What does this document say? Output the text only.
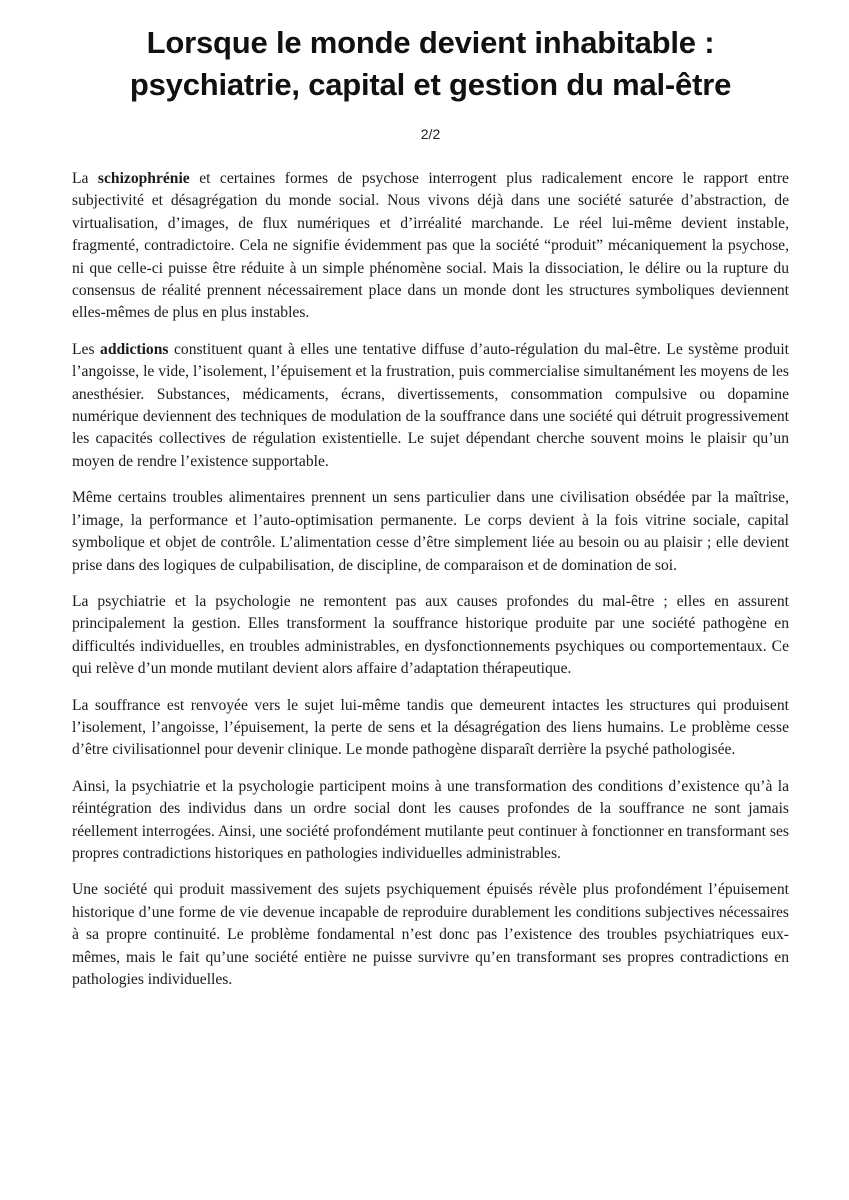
Lorsque le monde devient inhabitable :
psychiatrie, capital et gestion du mal-être
2/2

La schizophrénie et certaines formes de psychose interrogent plus radicalement encore le rapport entre subjectivité et désagrégation du monde social. Nous vivons déjà dans une société saturée d’abstraction, de virtualisation, d’images, de flux numériques et d’irréalité marchande. Le réel lui-même devient instable, fragmenté, contradictoire. Cela ne signifie évidemment pas que la société “produit” mécaniquement la psychose, ni que celle-ci puisse être réduite à un simple phénomène social. Mais la dissociation, le délire ou la rupture du consensus de réalité prennent nécessairement place dans un monde dont les structures symboliques deviennent elles-mêmes de plus en plus instables.

Les addictions constituent quant à elles une tentative diffuse d’auto-régulation du mal-être. Le système produit l’angoisse, le vide, l’isolement, l’épuisement et la frustration, puis commercialise simultanément les moyens de les anesthésier. Substances, médicaments, écrans, divertissements, consommation compulsive ou dopamine numérique deviennent des techniques de modulation de la souffrance dans une société qui détruit progressivement les capacités collectives de régulation existentielle. Le sujet dépendant cherche souvent moins le plaisir qu’un moyen de rendre l’existence supportable.

Même certains troubles alimentaires prennent un sens particulier dans une civilisation obsédée par la maîtrise, l’image, la performance et l’auto-optimisation permanente. Le corps devient à la fois vitrine sociale, capital symbolique et objet de contrôle. L’alimentation cesse d’être simplement liée au besoin ou au plaisir ; elle devient prise dans des logiques de culpabilisation, de discipline, de comparaison et de domination de soi.

La psychiatrie et la psychologie ne remontent pas aux causes profondes du mal-être ; elles en assurent principalement la gestion. Elles transforment la souffrance historique produite par une société pathogène en difficultés individuelles, en troubles administrables, en dysfonctionnements psychiques ou comportementaux. Ce qui relève d’un monde mutilant devient alors affaire d’adaptation thérapeutique.

La souffrance est renvoyée vers le sujet lui-même tandis que demeurent intactes les structures qui produisent l’isolement, l’angoisse, l’épuisement, la perte de sens et la désagrégation des liens humains. Le problème cesse d’être civilisationnel pour devenir clinique. Le monde pathogène disparaît derrière la psyché pathologisée.

Ainsi, la psychiatrie et la psychologie participent moins à une transformation des conditions d’existence qu’à la réintégration des individus dans un ordre social dont les causes profondes de la souffrance ne sont jamais réellement interrogées. Ainsi, une société profondément mutilante peut continuer à fonctionner en transformant ses propres contradictions historiques en pathologies individuelles administrables.

Une société qui produit massivement des sujets psychiquement épuisés révèle plus profondément l’épuisement historique d’une forme de vie devenue incapable de reproduire durablement les conditions subjectives nécessaires à sa propre continuité. Le problème fondamental n’est donc pas l’existence des troubles psychiatriques eux-mêmes, mais le fait qu’une société entière ne puisse survivre qu’en transformant ses propres contradictions en pathologies individuelles.
